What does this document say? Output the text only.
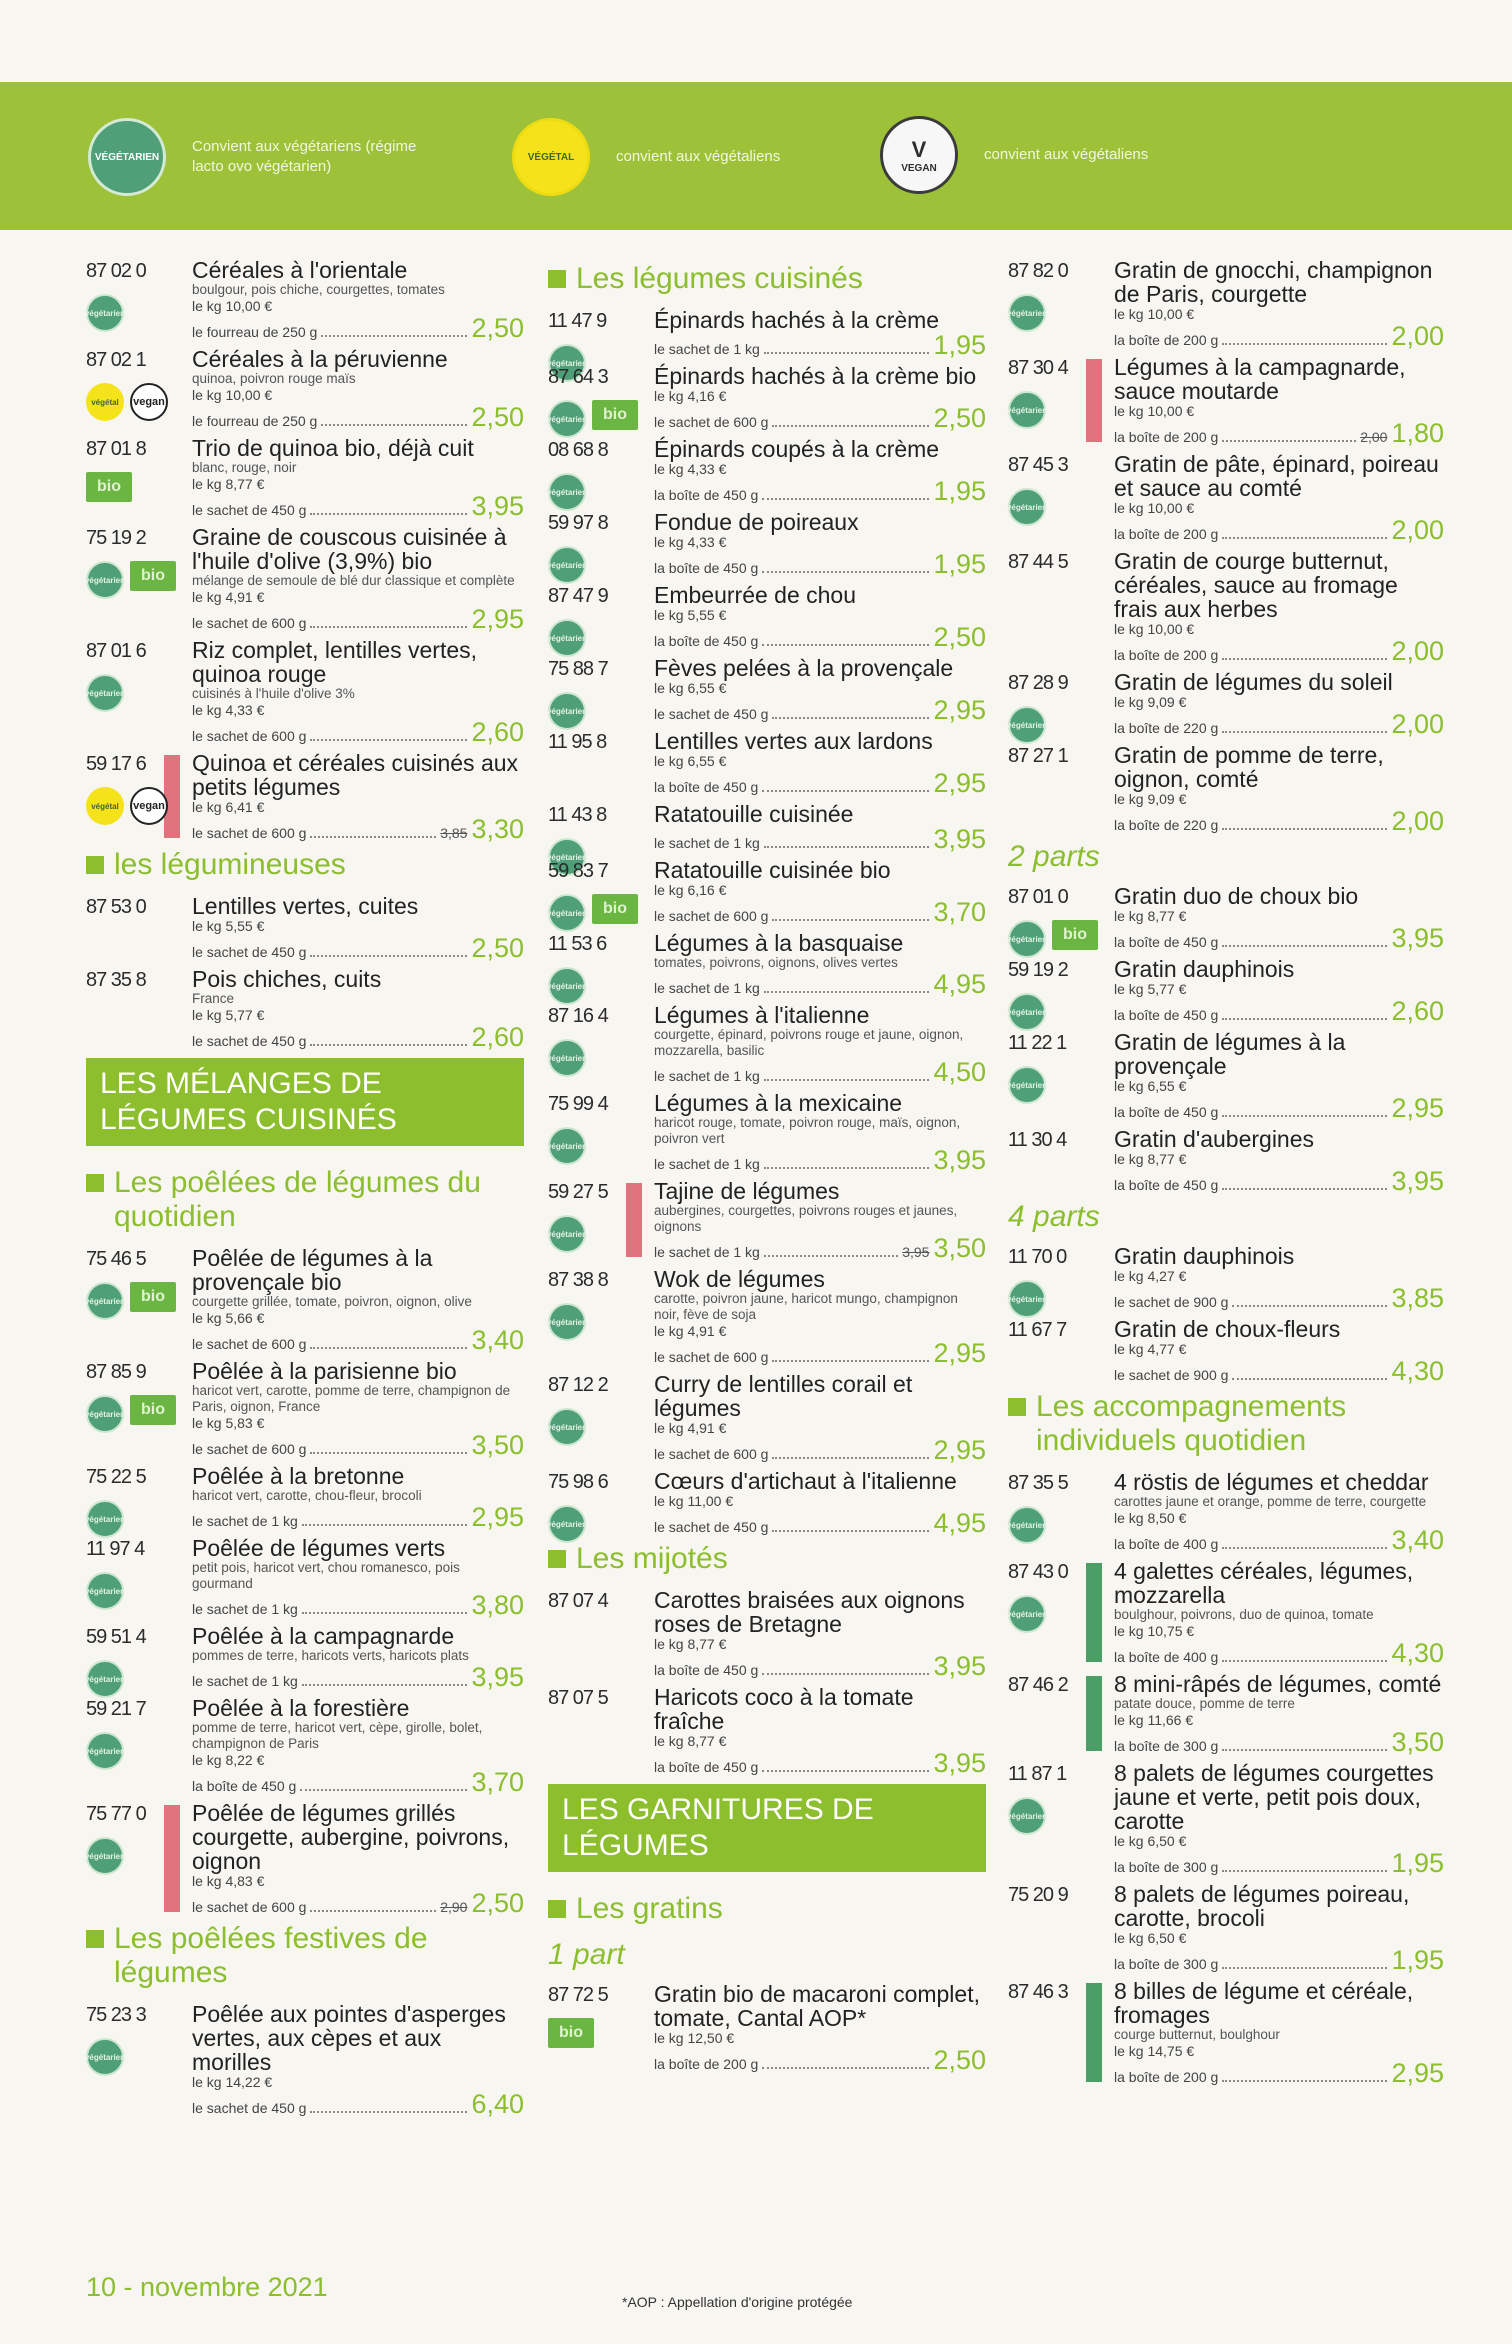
VÉGÉTARIEN
Convient aux végétariens (régime lacto ovo végétarien)
VÉGÉTAL	convient aux végétaliens	V
VEGAN
convient aux végétaliens
87 02 0
végétarien
Céréales à l'orientale
boulgour, pois chiche, courgettes, tomates
le kg 10,00 €
le fourreau de 250 g	2,50
87 02 1
végétal	vegan
Céréales à la péruvienne
quinoa, poivron rouge maïs
le kg 10,00 €
le fourreau de 250 g	2,50
87 01 8
bio
Trio de quinoa bio, déjà cuit
blanc, rouge, noir
le kg 8,77 €
le sachet de 450 g	3,95
75 19 2
végétarien bio
Graine de couscous cuisinée à l'huile d'olive (3,9%) bio
mélange de semoule de blé dur classique et complète
le kg 4,91 €
le sachet de 600 g	2,95
87 01 6
végétarien
Riz complet, lentilles vertes, quinoa rouge
cuisinés à l'huile d'olive 3%
le kg 4,33 €
le sachet de 600 g	2,60
59 17 6
végétal	vegan
Quinoa et céréales cuisinés aux petits légumes
le kg 6,41 €
le sachet de 600 g	3,85 3,30
les légumineuses
87 53 0 Lentilles vertes, cuites
le kg 5,55 €
le sachet de 450 g	2,50
87 35 8 Pois chiches, cuits
France
le kg 5,77 €
le sachet de 450 g	2,60
LES MÉLANGES DE LÉGUMES CUISINÉS
Les poêlées de légumes du quotidien
75 46 5
végétarien bio
Poêlée de légumes à la provençale bio
courgette grillée, tomate, poivron, oignon, olive
le kg 5,66 €
le sachet de 600 g	3,40
87 85 9
végétarien bio
Poêlée à la parisienne bio
haricot vert, carotte, pomme de terre, champignon de Paris, oignon, France
le kg 5,83 €
le sachet de 600 g	3,50
75 22 5
végétarien
Poêlée à la bretonne
haricot vert, carotte, chou-fleur, brocoli
le sachet de 1 kg	2,95
11 97 4
végétarien
Poêlée de légumes verts
petit pois, haricot vert, chou romanesco, pois gourmand
le sachet de 1 kg	3,80
59 51 4
végétarien
Poêlée à la campagnarde
pommes de terre, haricots verts, haricots plats
le sachet de 1 kg	3,95
59 21 7
végétarien
Poêlée à la forestière
pomme de terre, haricot vert, cèpe, girolle, bolet, champignon de Paris
le kg 8,22 €
la boîte de 450 g	3,70
75 77 0
végétarien
Poêlée de légumes grillés courgette, aubergine, poivrons, oignon
le kg 4,83 €
le sachet de 600 g	2,90 2,50
Les poêlées festives de légumes
75 23 3
végétarien
Poêlée aux pointes d'asperges vertes, aux cèpes et aux morilles
le kg 14,22 €
le sachet de 450 g	6,40
Les légumes cuisinés
11 47 9
végétarien
Épinards hachés à la crème
le sachet de 1 kg	1,95
87 64 3
végétarien bio
Épinards hachés à la crème bio
le kg 4,16 €
le sachet de 600 g	2,50
08 68 8
végétarien
Épinards coupés à la crème
le kg 4,33 €
la boîte de 450 g	1,95
59 97 8
végétarien
Fondue de poireaux
le kg 4,33 €
la boîte de 450 g	1,95
87 47 9
végétarien
Embeurrée de chou
le kg 5,55 €
la boîte de 450 g	2,50
75 88 7
végétarien
Fèves pelées à la provençale
le kg 6,55 €
le sachet de 450 g	2,95
11 95 8 Lentilles vertes aux lardons
le kg 6,55 €
la boîte de 450 g	2,95
11 43 8
végétarien
Ratatouille cuisinée
le sachet de 1 kg	3,95
59 83 7
végétarien bio
Ratatouille cuisinée bio
le kg 6,16 €
le sachet de 600 g	3,70
11 53 6
végétarien
Légumes à la basquaise
tomates, poivrons, oignons, olives vertes
le sachet de 1 kg	4,95
87 16 4
végétarien
Légumes à l'italienne
courgette, épinard, poivrons rouge et jaune, oignon, mozzarella, basilic
le sachet de 1 kg	4,50
75 99 4
végétarien
Légumes à la mexicaine
haricot rouge, tomate, poivron rouge, maïs, oignon, poivron vert
le sachet de 1 kg	3,95
59 27 5
végétarien
Tajine de légumes
aubergines, courgettes, poivrons rouges et jaunes, oignons
le sachet de 1 kg	3,95 3,50
87 38 8
végétarien
Wok de légumes
carotte, poivron jaune, haricot mungo, champignon noir, fève de soja
le kg 4,91 €
le sachet de 600 g	2,95
87 12 2
végétarien
Curry de lentilles corail et légumes
le kg 4,91 €
le sachet de 600 g	2,95
75 98 6
végétarien
Cœurs d'artichaut à l'italienne
le kg 11,00 €
le sachet de 450 g	4,95
Les mijotés
87 07 4 Carottes braisées aux oignons roses de Bretagne
le kg 8,77 €
la boîte de 450 g	3,95
87 07 5 Haricots coco à la tomate fraîche
le kg 8,77 €
la boîte de 450 g	3,95
LES GARNITURES DE LÉGUMES
Les gratins
1 part
87 72 5
bio
Gratin bio de macaroni complet, tomate, Cantal AOP*
le kg 12,50 €
la boîte de 200 g	2,50
87 82 0
végétarien
Gratin de gnocchi, champignon de Paris, courgette
le kg 10,00 €
la boîte de 200 g	2,00
87 30 4
végétarien
Légumes à la campagnarde, sauce moutarde
le kg 10,00 €
la boîte de 200 g	2,00 1,80
87 45 3
végétarien
Gratin de pâte, épinard, poireau et sauce au comté
le kg 10,00 €
la boîte de 200 g	2,00
87 44 5 Gratin de courge butternut, céréales, sauce au fromage frais aux herbes
le kg 10,00 €
la boîte de 200 g	2,00
87 28 9
végétarien
Gratin de légumes du soleil
le kg 9,09 €
la boîte de 220 g	2,00
87 27 1 Gratin de pomme de terre, oignon, comté
le kg 9,09 €
la boîte de 220 g	2,00
2 parts
87 01 0
végétarien bio
Gratin duo de choux bio
le kg 8,77 €
la boîte de 450 g	3,95
59 19 2
végétarien
Gratin dauphinois
le kg 5,77 €
la boîte de 450 g	2,60
11 22 1
végétarien
Gratin de légumes à la provençale
le kg 6,55 €
la boîte de 450 g	2,95
11 30 4 Gratin d'aubergines
le kg 8,77 €
la boîte de 450 g	3,95
4 parts
11 70 0
végétarien
Gratin dauphinois
le kg 4,27 €
le sachet de 900 g	3,85
11 67 7 Gratin de choux-fleurs
le kg 4,77 €
le sachet de 900 g	4,30
Les accompagnements individuels quotidien
87 35 5
végétarien
4 röstis de légumes et cheddar
carottes jaune et orange, pomme de terre, courgette
le kg 8,50 €
la boîte de 400 g	3,40
87 43 0
végétarien
4 galettes céréales, légumes, mozzarella
boulghour, poivrons, duo de quinoa, tomate
le kg 10,75 €
la boîte de 400 g	4,30
87 46 2 8 mini-râpés de légumes, comté
patate douce, pomme de terre
le kg 11,66 €
la boîte de 300 g	3,50
11 87 1
végétarien
8 palets de légumes courgettes jaune et verte, petit pois doux, carotte
le kg 6,50 €
la boîte de 300 g	1,95
75 20 9 8 palets de légumes poireau, carotte, brocoli
le kg 6,50 €
la boîte de 300 g	1,95
87 46 3 8 billes de légume et céréale, fromages
courge butternut, boulghour
le kg 14,75 €
la boîte de 200 g	2,95
10 - novembre 2021	*AOP : Appellation d'origine protégée
